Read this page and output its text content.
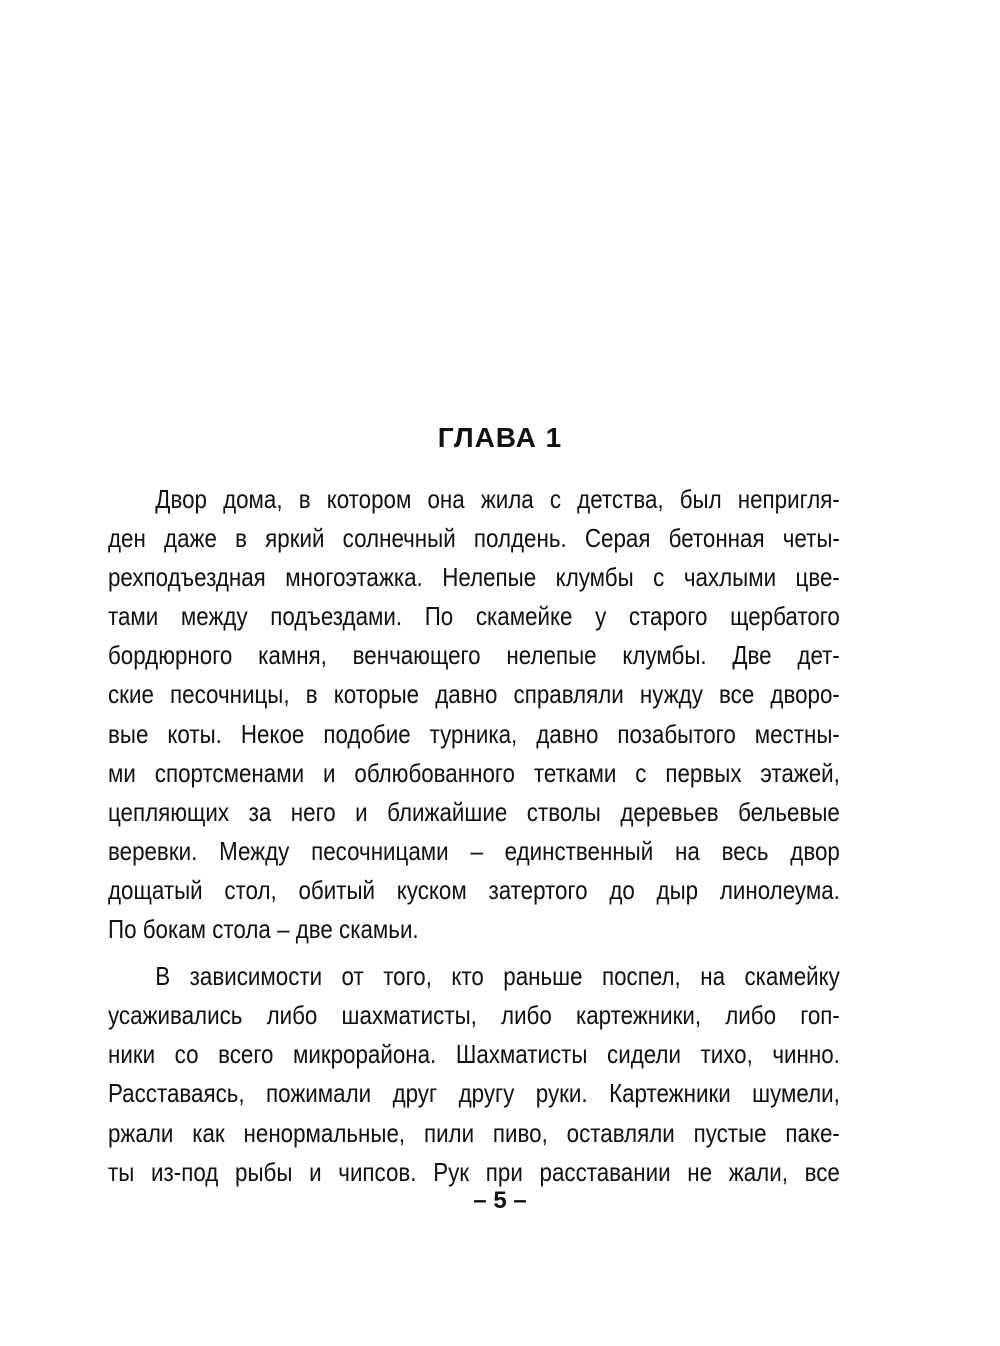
ГЛАВА 1
Двор дома, в котором она жила с детства, был непригля-
ден даже в яркий солнечный полдень. Серая бетонная четы-
рехподъездная многоэтажка. Нелепые клумбы с чахлыми цве-
тами между подъездами. По скамейке у старого щербатого
бордюрного камня, венчающего нелепые клумбы. Две дет-
ские песочницы, в которые давно справляли нужду все дворо-
вые коты. Некое подобие турника, давно позабытого местны-
ми спортсменами и облюбованного тетками с первых этажей,
цепляющих за него и ближайшие стволы деревьев бельевые
веревки. Между песочницами – единственный на весь двор
дощатый стол, обитый куском затертого до дыр линолеума.
По бокам стола – две скамьи.
В зависимости от того, кто раньше поспел, на скамейку
усаживались либо шахматисты, либо картежники, либо гоп-
ники со всего микрорайона. Шахматисты сидели тихо, чинно.
Расставаясь, пожимали друг другу руки. Картежники шумели,
ржали как ненормальные, пили пиво, оставляли пустые паке-
ты из-под рыбы и чипсов. Рук при расставании не жали, все

– 5 –
